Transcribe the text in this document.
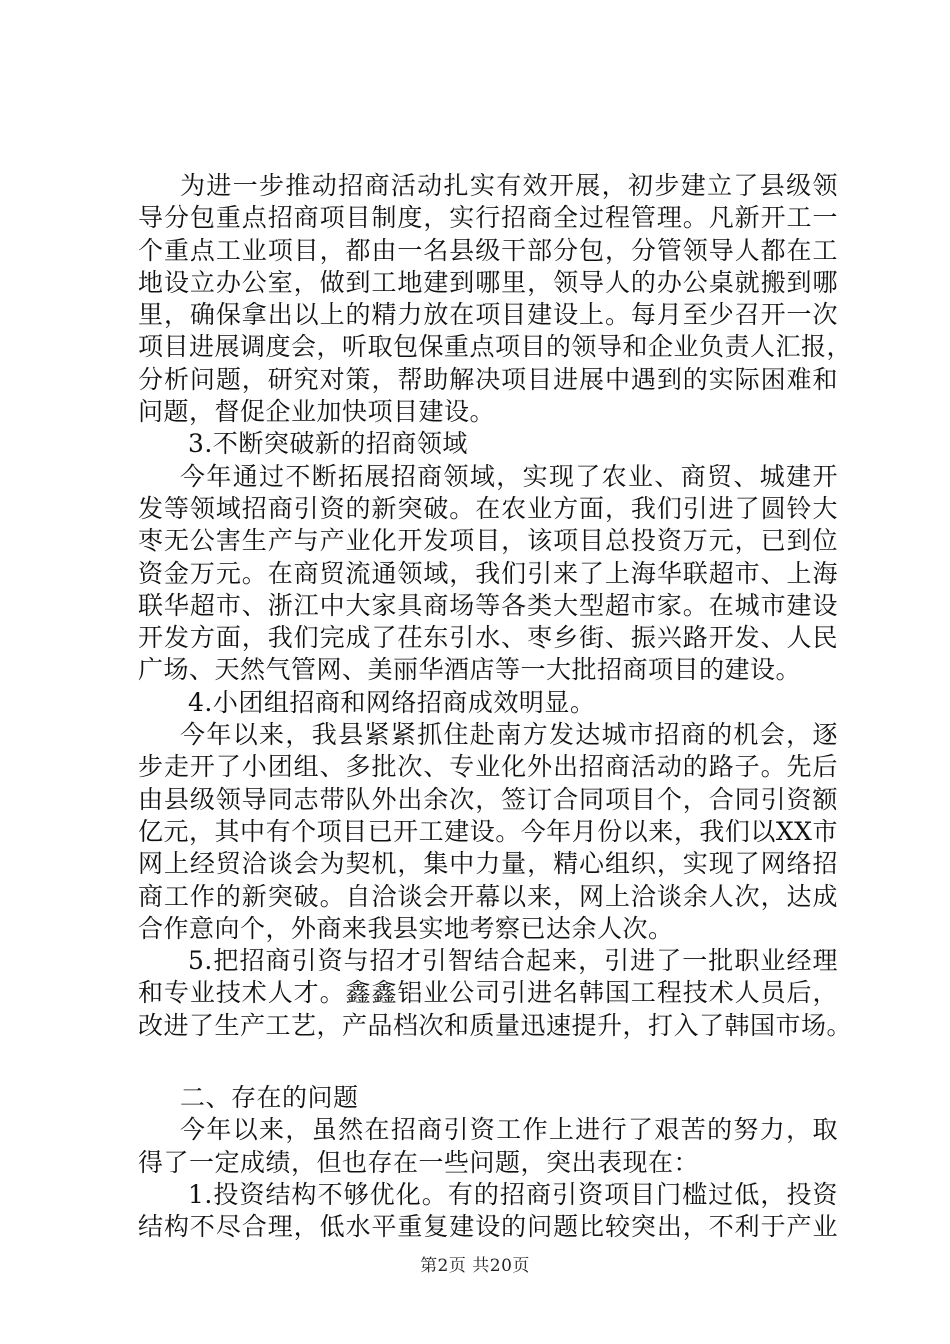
为进一步推动招商活动扎实有效开展，初步建立了县级领
导分包重点招商项目制度，实行招商全过程管理。凡新开工一
个重点工业项目，都由一名县级干部分包，分管领导人都在工
地设立办公室，做到工地建到哪里，领导人的办公桌就搬到哪
里，确保拿出以上的精力放在项目建设上。每月至少召开一次
项目进展调度会，听取包保重点项目的领导和企业负责人汇报，
分析问题，研究对策，帮助解决项目进展中遇到的实际困难和
问题，督促企业加快项目建设。
3.不断突破新的招商领域
今年通过不断拓展招商领域，实现了农业、商贸、城建开
发等领域招商引资的新突破。在农业方面，我们引进了圆铃大
枣无公害生产与产业化开发项目，该项目总投资万元，已到位
资金万元。在商贸流通领域，我们引来了上海华联超市、上海
联华超市、浙江中大家具商场等各类大型超市家。在城市建设
开发方面，我们完成了茌东引水、枣乡街、振兴路开发、人民
广场、天然气管网、美丽华酒店等一大批招商项目的建设。
4.小团组招商和网络招商成效明显。
今年以来，我县紧紧抓住赴南方发达城市招商的机会，逐
步走开了小团组、多批次、专业化外出招商活动的路子。先后
由县级领导同志带队外出余次，签订合同项目个，合同引资额
亿元，其中有个项目已开工建设。今年月份以来，我们以XX市
网上经贸洽谈会为契机，集中力量，精心组织，实现了网络招
商工作的新突破。自洽谈会开幕以来，网上洽谈余人次，达成
合作意向个，外商来我县实地考察已达余人次。
5.把招商引资与招才引智结合起来，引进了一批职业经理
和专业技术人才。鑫鑫铝业公司引进名韩国工程技术人员后，
改进了生产工艺，产品档次和质量迅速提升，打入了韩国市场。
二、存在的问题
今年以来，虽然在招商引资工作上进行了艰苦的努力，取
得了一定成绩，但也存在一些问题，突出表现在：
1.投资结构不够优化。有的招商引资项目门槛过低，投资
结构不尽合理，低水平重复建设的问题比较突出，不利于产业
第2页 共20页
